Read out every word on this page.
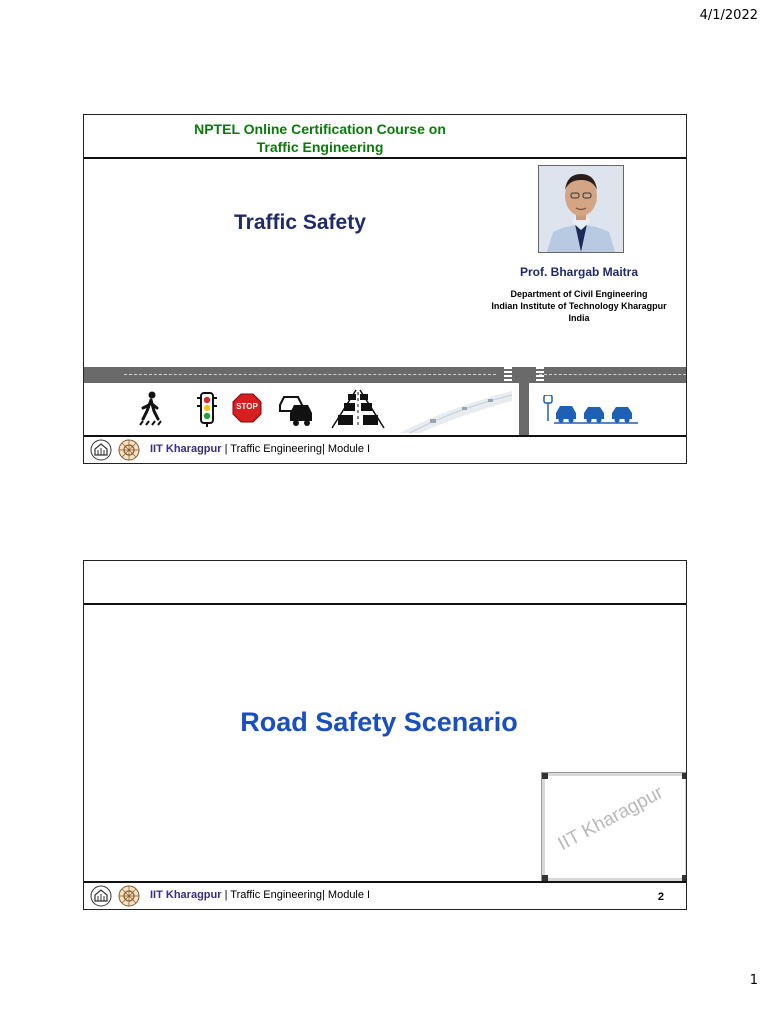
4/1/2022
NPTEL Online Certification Course on
Traffic Engineering
Traffic Safety
Prof. Bhargab Maitra
Department of Civil Engineering
Indian Institute of Technology Kharagpur
India
STOP
IIT Kharagpur | Traffic Engineering| Module I
Road Safety Scenario
IIT Kharagpur
IIT Kharagpur | Traffic Engineering| Module I	2
1
